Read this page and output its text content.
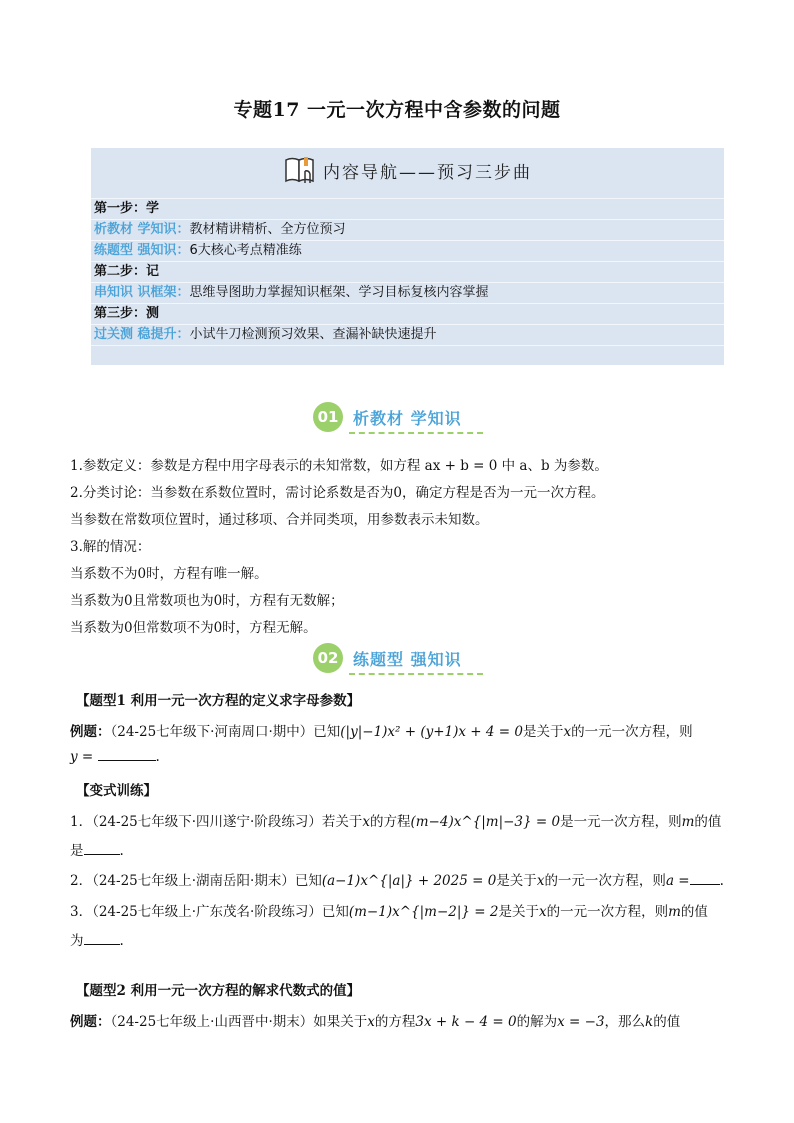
专题17 一元一次方程中含参数的问题
内容导航——预习三步曲
第一步：学
析教材 学知识：教材精讲精析、全方位预习
练题型 强知识：6大核心考点精准练
第二步：记
串知识 识框架：思维导图助力掌握知识框架、学习目标复核内容掌握
第三步：测
过关测 稳提升：小试牛刀检测预习效果、查漏补缺快速提升
01 析教材 学知识
1.参数定义：参数是方程中用字母表示的未知常数，如方程 ax + b = 0 中 a、b 为参数。
2.分类讨论：当参数在系数位置时，需讨论系数是否为0，确定方程是否为一元一次方程。
当参数在常数项位置时，通过移项、合并同类项，用参数表示未知数。
3.解的情况：
当系数不为0时，方程有唯一解。
当系数为0且常数项也为0时，方程有无数解；
当系数为0但常数项不为0时，方程无解。
02 练题型 强知识
【题型1 利用一元一次方程的定义求字母参数】
例题：（24-25七年级下·河南周口·期中）已知(|y|−1)x² + (y+1)x + 4 = 0是关于x的一元一次方程，则
y =	.
【变式训练】
1．（24-25七年级下·四川遂宁·阶段练习）若关于x的方程(m−4)x^{|m|−3} = 0是一元一次方程，则m的值
是	.
2．（24-25七年级上·湖南岳阳·期末）已知(a−1)x^{|a|} + 2025 = 0是关于x的一元一次方程，则a = .
3．（24-25七年级上·广东茂名·阶段练习）已知(m−1)x^{|m−2|} = 2是关于x的一元一次方程，则m的值
为	.
【题型2 利用一元一次方程的解求代数式的值】
例题：（24-25七年级上·山西晋中·期末）如果关于x的方程3x + k − 4 = 0的解为x = −3，那么k的值
